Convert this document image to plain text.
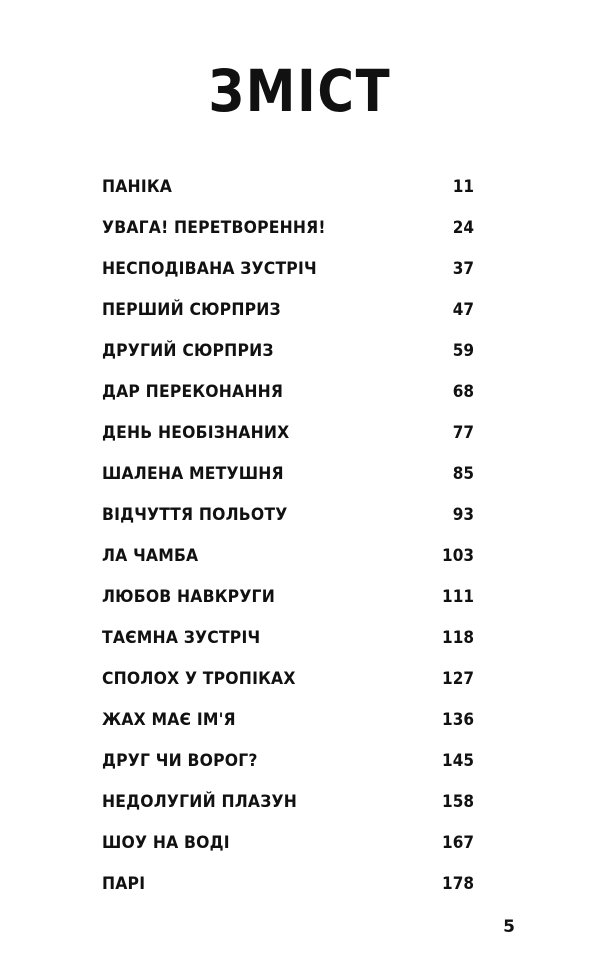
ЗМІСТ
ПАНІКА	11
УВАГА! ПЕРЕТВОРЕННЯ!	24
НЕСПОДІВАНА ЗУСТРІЧ	37
ПЕРШИЙ СЮРПРИЗ	47
ДРУГИЙ СЮРПРИЗ	59
ДАР ПЕРЕКОНАННЯ	68
ДЕНЬ НЕОБІЗНАНИХ	77
ШАЛЕНА МЕТУШНЯ	85
ВІДЧУТТЯ ПОЛЬОТУ	93
ЛА ЧАМБА	103
ЛЮБОВ НАВКРУГИ	111
ТАЄМНА ЗУСТРІЧ	118
СПОЛОХ У ТРОПІКАХ	127
ЖАХ МАЄ ІМ'Я	136
ДРУГ ЧИ ВОРОГ?	145
НЕДОЛУГИЙ ПЛАЗУН	158
ШОУ НА ВОДІ	167
ПАРІ	178
5
